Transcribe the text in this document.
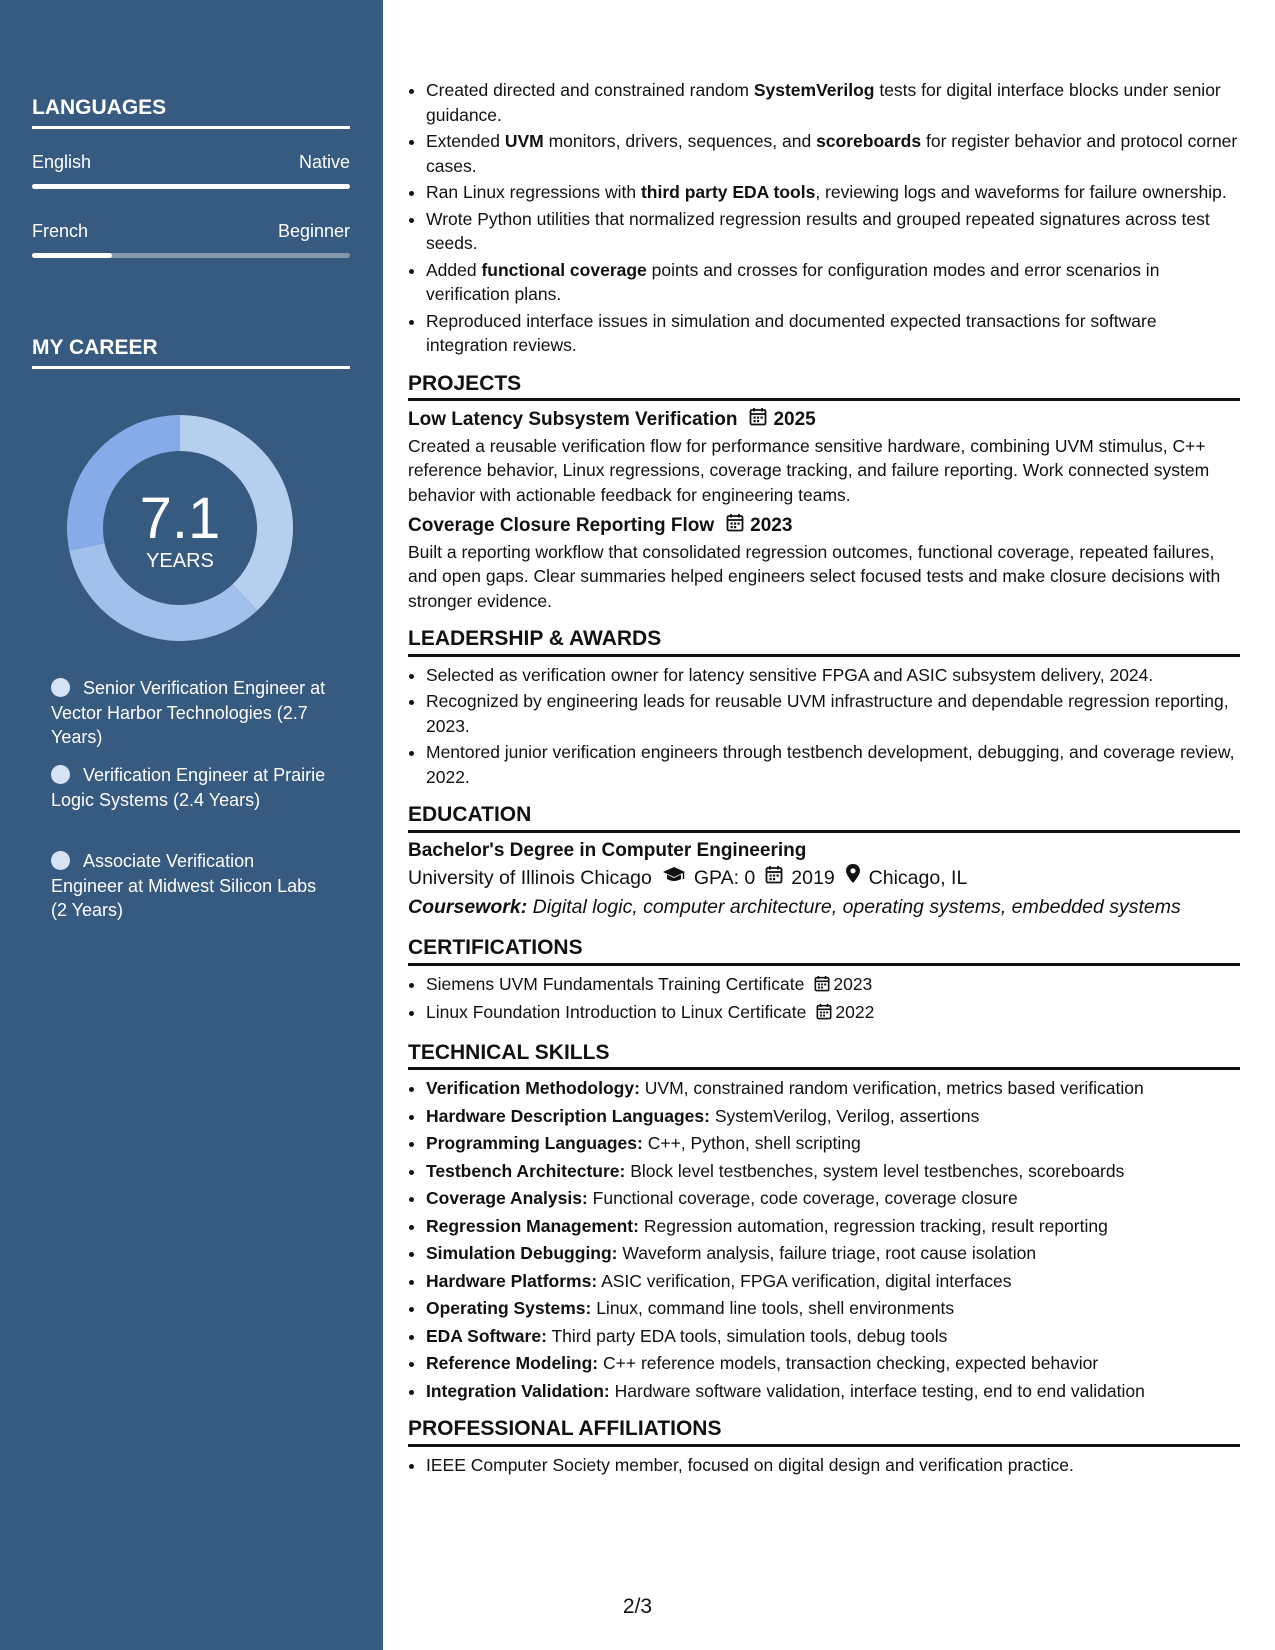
LANGUAGES
English	Native
French	Beginner
MY CAREER
7.1
YEARS
Senior Verification Engineer at Vector Harbor Technologies (2.7 Years)
Verification Engineer at Prairie Logic Systems (2.4 Years)
Associate Verification Engineer at Midwest Silicon Labs (2 Years)
• Created directed and constrained random SystemVerilog tests for digital interface blocks under senior guidance.
• Extended UVM monitors, drivers, sequences, and scoreboards for register behavior and protocol corner cases.
• Ran Linux regressions with third party EDA tools, reviewing logs and waveforms for failure ownership.
• Wrote Python utilities that normalized regression results and grouped repeated signatures across test seeds.
• Added functional coverage points and crosses for configuration modes and error scenarios in verification plans.
• Reproduced interface issues in simulation and documented expected transactions for software integration reviews.
PROJECTS
Low Latency Subsystem Verification 2025
Created a reusable verification flow for performance sensitive hardware, combining UVM stimulus, C++ reference behavior, Linux regressions, coverage tracking, and failure reporting. Work connected system behavior with actionable feedback for engineering teams.
Coverage Closure Reporting Flow 2023
Built a reporting workflow that consolidated regression outcomes, functional coverage, repeated failures, and open gaps. Clear summaries helped engineers select focused tests and make closure decisions with stronger evidence.
LEADERSHIP & AWARDS
• Selected as verification owner for latency sensitive FPGA and ASIC subsystem delivery, 2024.
• Recognized by engineering leads for reusable UVM infrastructure and dependable regression reporting, 2023.
• Mentored junior verification engineers through testbench development, debugging, and coverage review, 2022.
EDUCATION
Bachelor's Degree in Computer Engineering
University of Illinois Chicago GPA: 0 2019 Chicago, IL
Coursework: Digital logic, computer architecture, operating systems, embedded systems
CERTIFICATIONS
• Siemens UVM Fundamentals Training Certificate 2023
• Linux Foundation Introduction to Linux Certificate 2022
TECHNICAL SKILLS
• Verification Methodology: UVM, constrained random verification, metrics based verification
• Hardware Description Languages: SystemVerilog, Verilog, assertions
• Programming Languages: C++, Python, shell scripting
• Testbench Architecture: Block level testbenches, system level testbenches, scoreboards
• Coverage Analysis: Functional coverage, code coverage, coverage closure
• Regression Management: Regression automation, regression tracking, result reporting
• Simulation Debugging: Waveform analysis, failure triage, root cause isolation
• Hardware Platforms: ASIC verification, FPGA verification, digital interfaces
• Operating Systems: Linux, command line tools, shell environments
• EDA Software: Third party EDA tools, simulation tools, debug tools
• Reference Modeling: C++ reference models, transaction checking, expected behavior
• Integration Validation: Hardware software validation, interface testing, end to end validation
PROFESSIONAL AFFILIATIONS
• IEEE Computer Society member, focused on digital design and verification practice.
2/3
